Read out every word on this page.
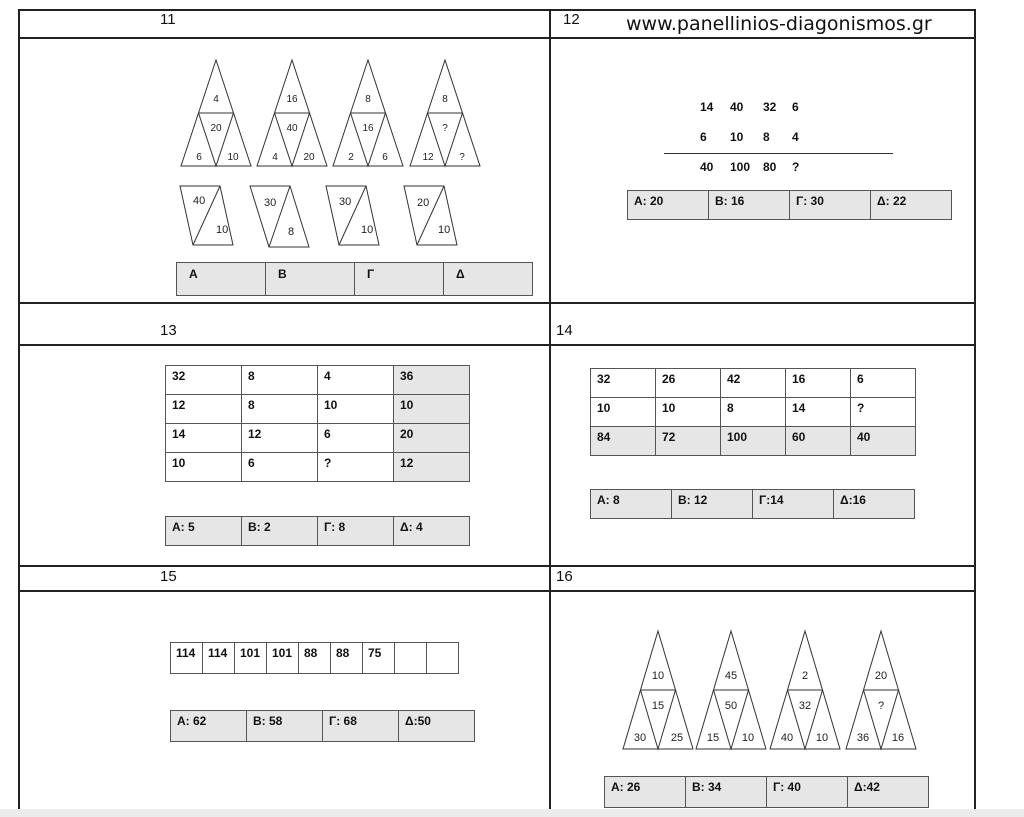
11	12 www.panellinios-diagonismos.gr
13	14
15	16
4
20
6	10
16
40
4	20
8
16
2	6
8
?
12	?
40
10
30
8
30
10
20
10
Α	Β	Γ	Δ
14	40	32	6
6	10	8	4
40	100	80	?
Α: 20	Β: 16	Γ: 30	Δ: 22
32	8	4	36
12	8	10	10
14	12	6	20
10	6	?	12
Α: 5	Β: 2	Γ: 8	Δ: 4
32	26	42	16	6
10	10	8	14	?
84	72	100	60	40
Α: 8	Β: 12	Γ:14	Δ:16
114	114	101	101	88	88	75		
Α: 62	Β: 58	Γ: 68	Δ:50
10
15
30 25
45
50
15 10
2
32
40 10
20
?
36 16
Α: 26	Β: 34	Γ: 40	Δ:42
